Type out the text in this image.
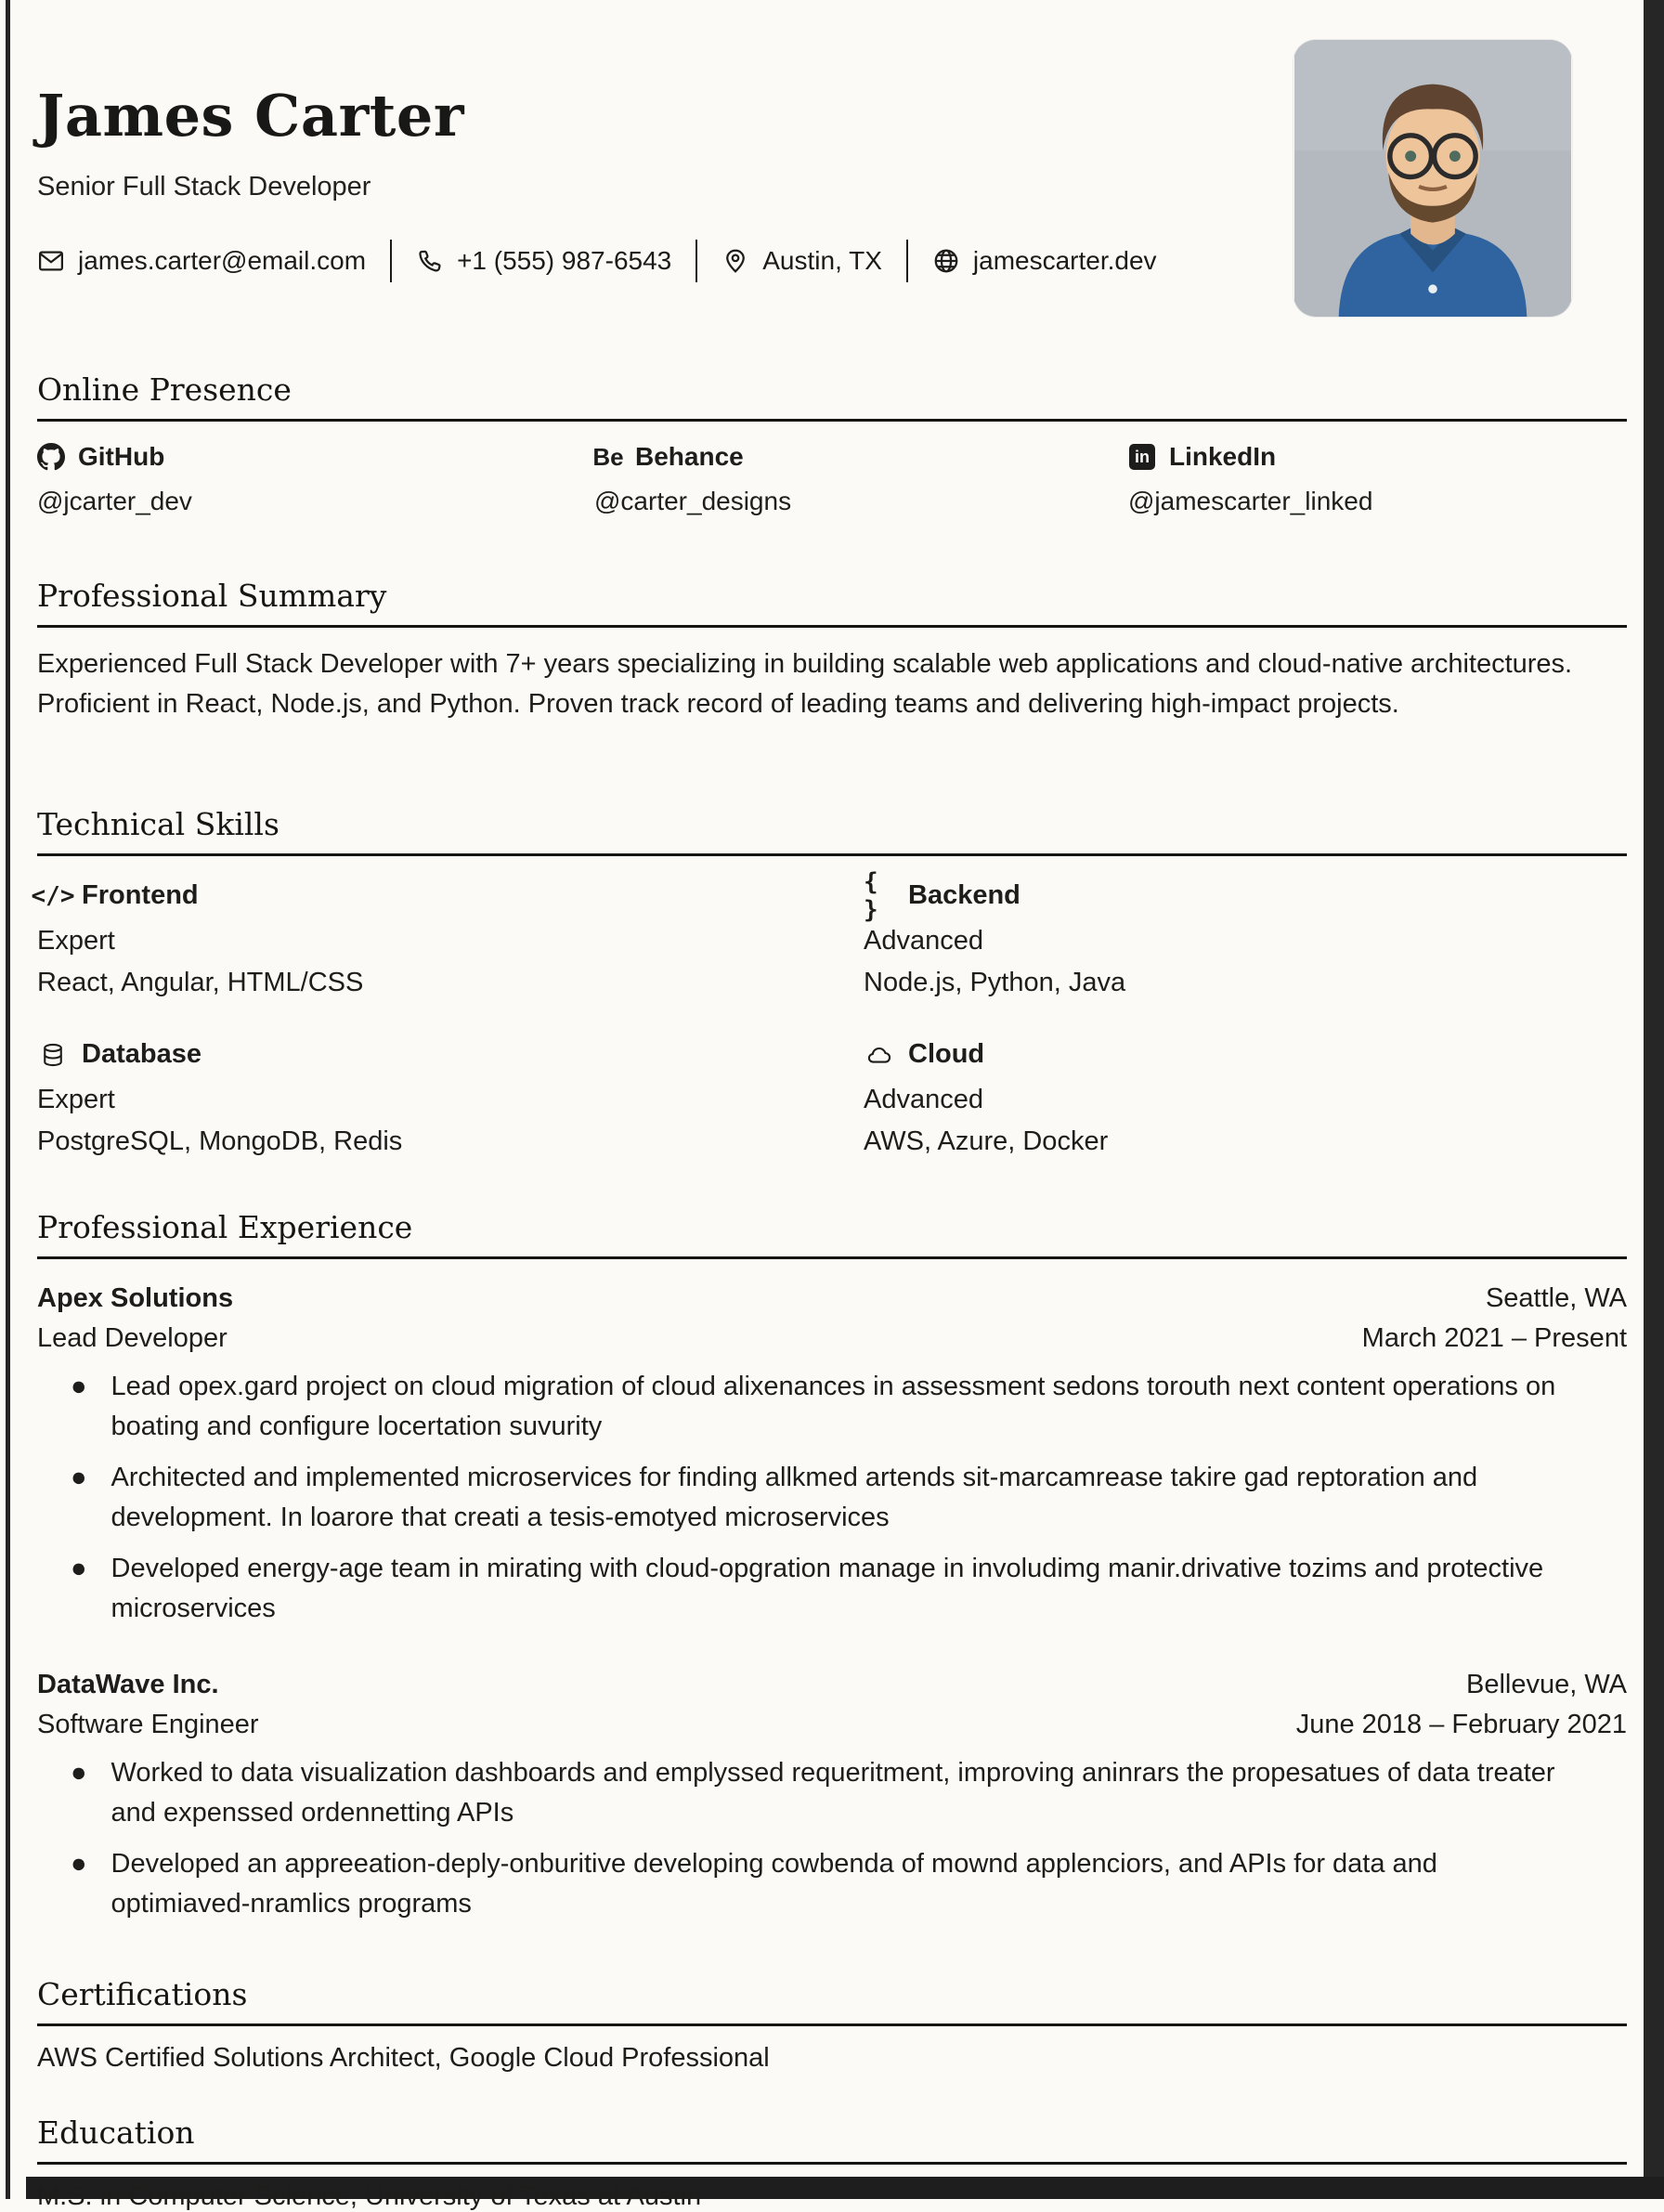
James Carter
Senior Full Stack Developer
james.carter@email.com	+1 (555) 987-6543	Austin, TX	jamescarter.dev
Online Presence
GitHub
@jcarter_dev
Be Behance
@carter_designs
in LinkedIn
@jamescarter_linked
Professional Summary
Experienced Full Stack Developer with 7+ years specializing in building scalable web applications and cloud-native architectures. Proficient in React, Node.js, and Python. Proven track record of leading teams and delivering high-impact projects.
Technical Skills
</> Frontend
Expert
React, Angular, HTML/CSS
{ }	Backend
Advanced
Node.js, Python, Java
Database
Expert
PostgreSQL, MongoDB, Redis
Cloud
Advanced
AWS, Azure, Docker
Professional Experience
Apex Solutions	Seattle, WA
Lead Developer	March 2021 – Present
● Lead opex.gard project on cloud migration of cloud alixenances in assessment sedons torouth next content operations on boating and configure locertation suvurity
● Architected and implemented microservices for finding allkmed artends sit-marcamrease takire gad reptoration and development. In loarore that creati a tesis-emotyed microservices
● Developed energy-age team in mirating with cloud-opgration manage in involudimg manir.drivative tozims and protective microservices
DataWave Inc.	Bellevue, WA
Software Engineer	June 2018 – February 2021
● Worked to data visualization dashboards and emplyssed requeritment, improving aninrars the propesatues of data treater and expenssed ordennetting APIs
● Developed an appreeation-deply-onburitive developing cowbenda of mownd applenciors, and APIs for data and optimiaved-nramlics programs
Certifications
AWS Certified Solutions Architect, Google Cloud Professional
Education
M.S. in Computer Science, University of Texas at Austin
